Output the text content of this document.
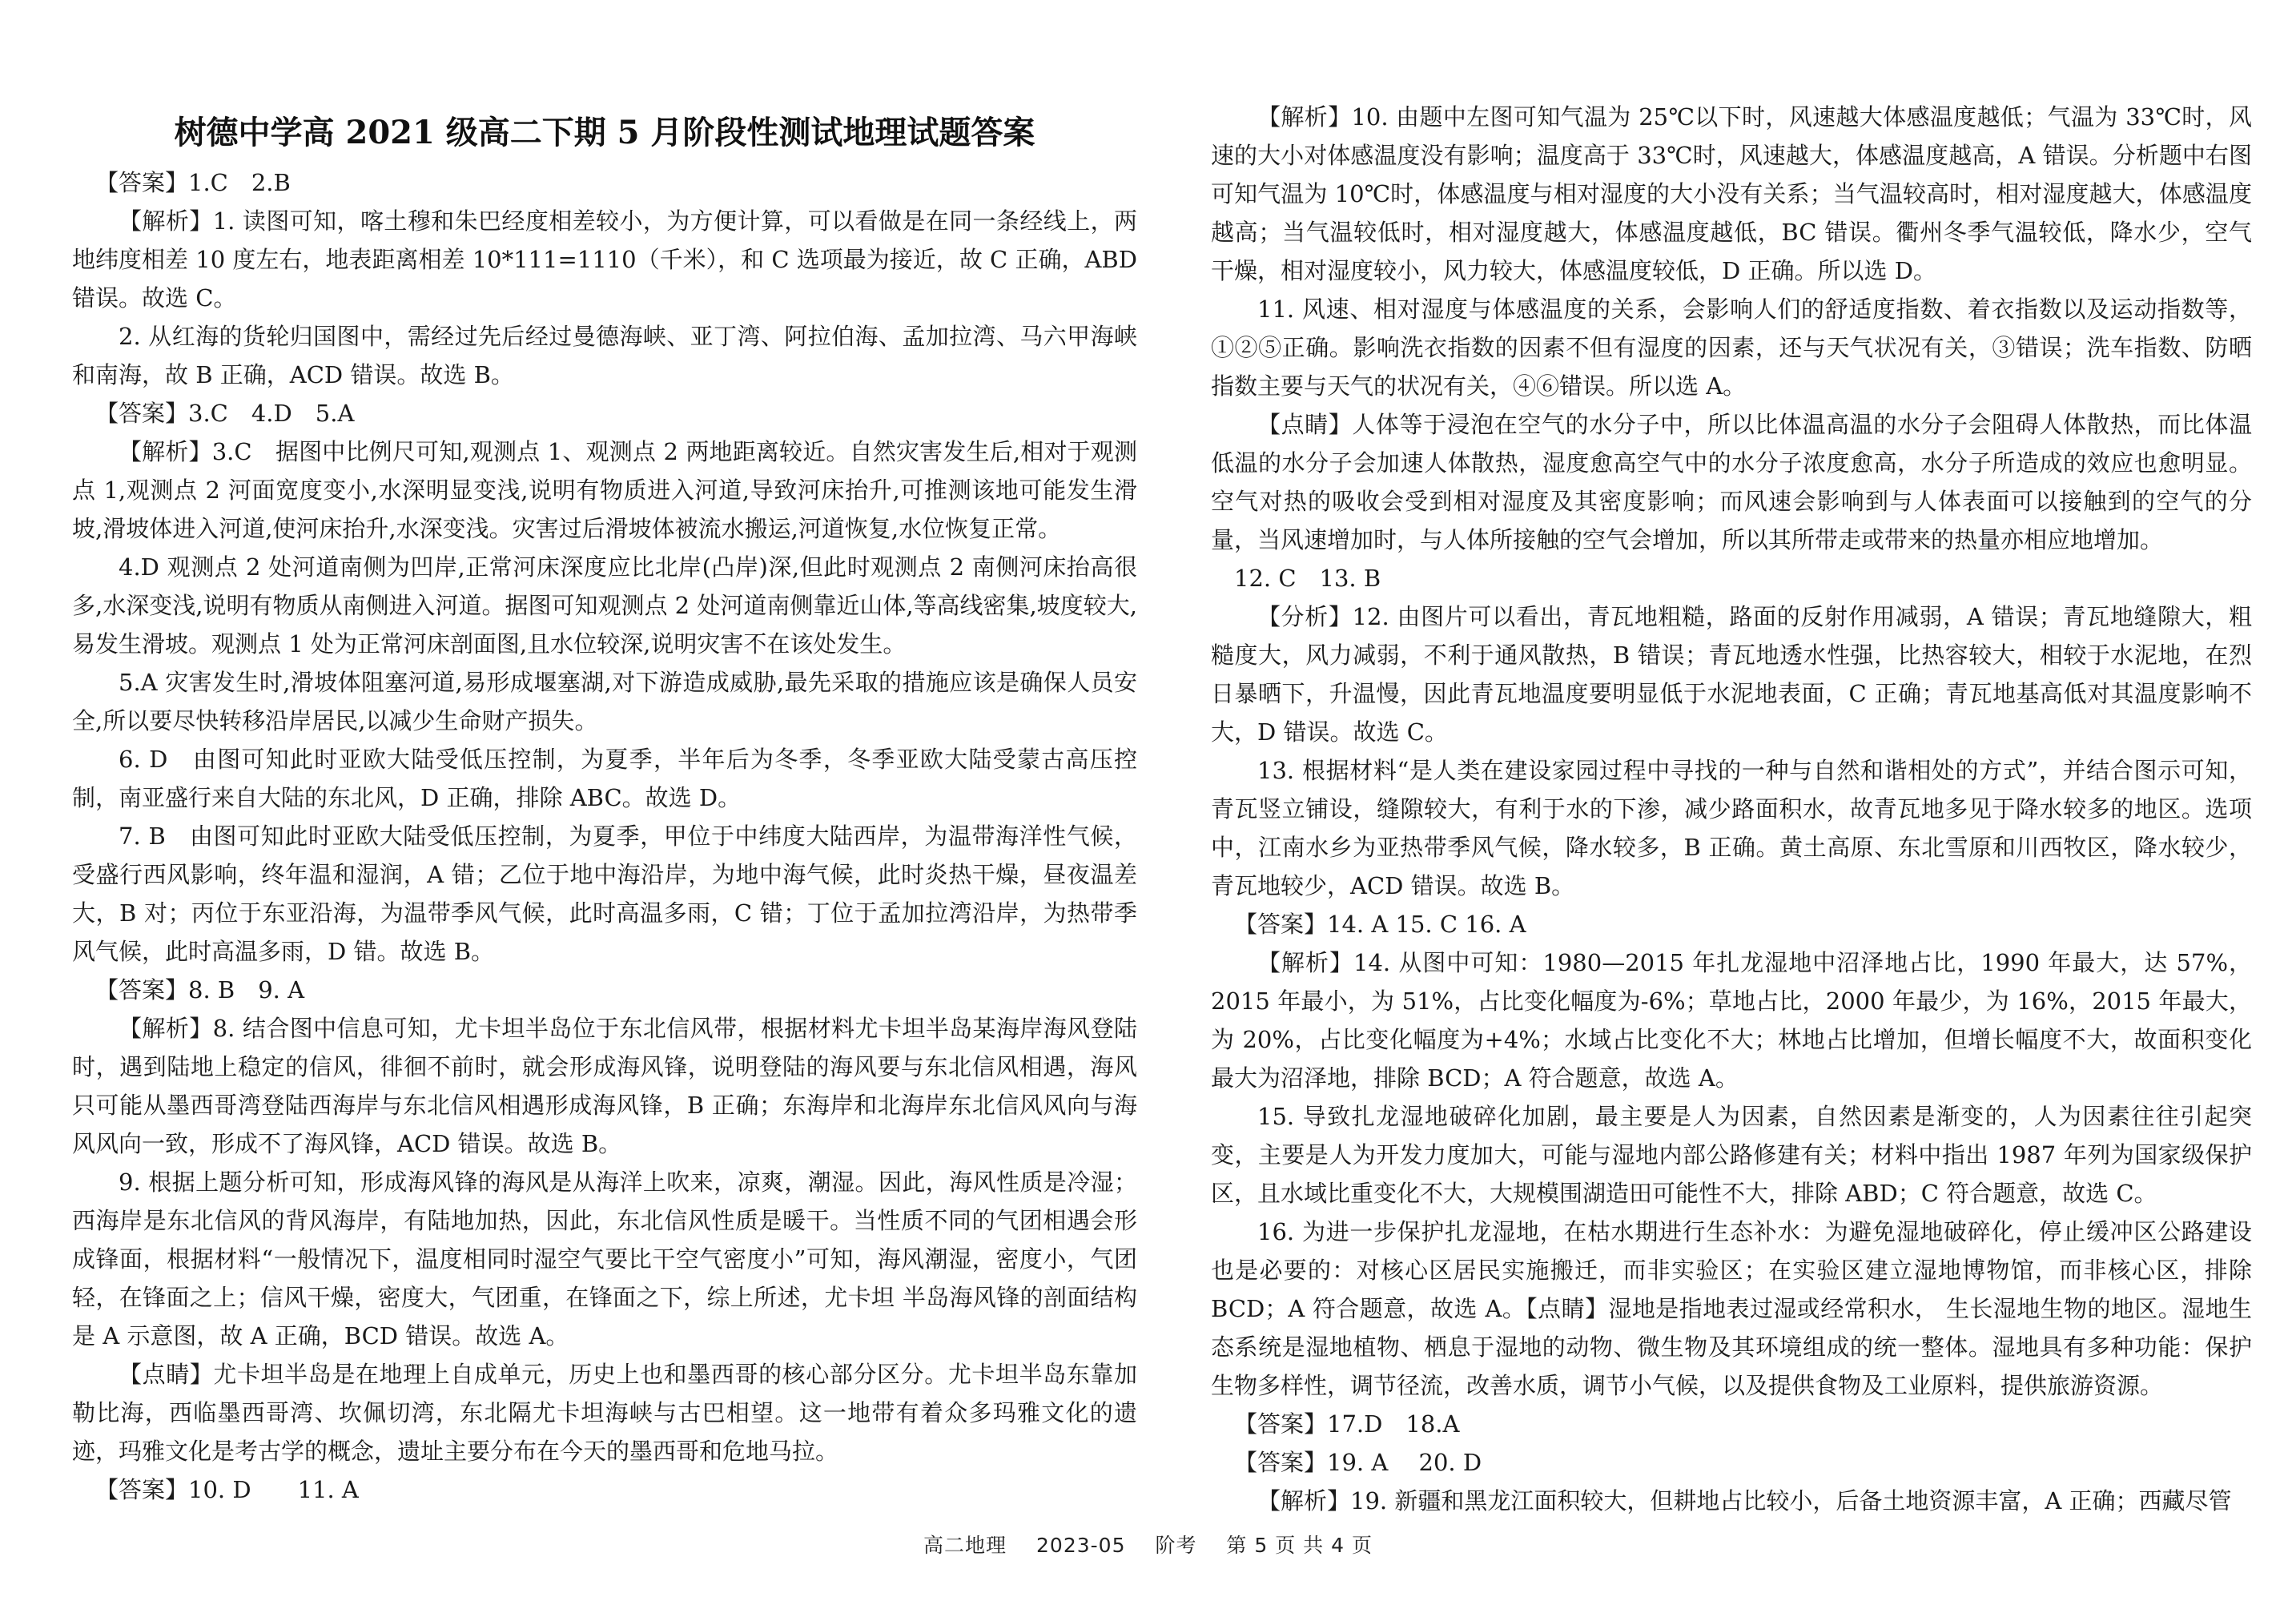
树德中学高 2021 级高二下期 5 月阶段性测试地理试题答案

【答案】1.C　2.B

【解析】1. 读图可知，喀土穆和朱巴经度相差较小，为方便计算，可以看做是在同一条经线上，两地纬度相差 10 度左右，地表距离相差 10*111=1110（千米），和 C 选项最为接近，故 C 正确，ABD 错误。故选 C。

2. 从红海的货轮归国图中，需经过先后经过曼德海峡、亚丁湾、阿拉伯海、孟加拉湾、马六甲海峡和南海，故 B 正确，ACD 错误。故选 B。

【答案】3.C　4.D　5.A

【解析】3.C　据图中比例尺可知,观测点 1、观测点 2 两地距离较近。自然灾害发生后,相对于观测点 1,观测点 2 河面宽度变小,水深明显变浅,说明有物质进入河道,导致河床抬升,可推测该地可能发生滑坡,滑坡体进入河道,使河床抬升,水深变浅。灾害过后滑坡体被流水搬运,河道恢复,水位恢复正常。

4.D 观测点 2 处河道南侧为凹岸,正常河床深度应比北岸(凸岸)深,但此时观测点 2 南侧河床抬高很多,水深变浅,说明有物质从南侧进入河道。据图可知观测点 2 处河道南侧靠近山体,等高线密集,坡度较大,易发生滑坡。观测点 1 处为正常河床剖面图,且水位较深,说明灾害不在该处发生。

5.A 灾害发生时,滑坡体阻塞河道,易形成堰塞湖,对下游造成威胁,最先采取的措施应该是确保人员安全,所以要尽快转移沿岸居民,以减少生命财产损失。

6. D　由图可知此时亚欧大陆受低压控制，为夏季，半年后为冬季，冬季亚欧大陆受蒙古高压控制，南亚盛行来自大陆的东北风，D 正确，排除 ABC。故选 D。

7. B　由图可知此时亚欧大陆受低压控制，为夏季，甲位于中纬度大陆西岸，为温带海洋性气候，受盛行西风影响，终年温和湿润，A 错；乙位于地中海沿岸，为地中海气候，此时炎热干燥，昼夜温差大，B 对；丙位于东亚沿海，为温带季风气候，此时高温多雨，C 错；丁位于孟加拉湾沿岸，为热带季风气候，此时高温多雨，D 错。故选 B。

【答案】8. B　9. A

【解析】8. 结合图中信息可知，尤卡坦半岛位于东北信风带，根据材料尤卡坦半岛某海岸海风登陆时，遇到陆地上稳定的信风，徘徊不前时，就会形成海风锋，说明登陆的海风要与东北信风相遇，海风只可能从墨西哥湾登陆西海岸与东北信风相遇形成海风锋，B 正确；东海岸和北海岸东北信风风向与海风风向一致，形成不了海风锋，ACD 错误。故选 B。

9. 根据上题分析可知，形成海风锋的海风是从海洋上吹来，凉爽，潮湿。因此，海风性质是冷湿；西海岸是东北信风的背风海岸，有陆地加热，因此，东北信风性质是暖干。当性质不同的气团相遇会形成锋面，根据材料“一般情况下，温度相同时湿空气要比干空气密度小”可知，海风潮湿，密度小，气团轻，在锋面之上；信风干燥，密度大，气团重，在锋面之下，综上所述，尤卡坦 半岛海风锋的剖面结构是 A 示意图，故 A 正确，BCD 错误。故选 A。

【点睛】尤卡坦半岛是在地理上自成单元，历史上也和墨西哥的核心部分区分。尤卡坦半岛东靠加勒比海，西临墨西哥湾、坎佩切湾，东北隔尤卡坦海峡与古巴相望。这一地带有着众多玛雅文化的遗迹，玛雅文化是考古学的概念，遗址主要分布在今天的墨西哥和危地马拉。

【答案】10. D　　11. A

【解析】10. 由题中左图可知气温为 25℃以下时，风速越大体感温度越低；气温为 33℃时，风速的大小对体感温度没有影响；温度高于 33℃时，风速越大，体感温度越高，A 错误。分析题中右图可知气温为 10℃时，体感温度与相对湿度的大小没有关系；当气温较高时，相对湿度越大，体感温度越高；当气温较低时，相对湿度越大，体感温度越低，BC 错误。衢州冬季气温较低，降水少，空气干燥，相对湿度较小，风力较大，体感温度较低，D 正确。所以选 D。

11. 风速、相对湿度与体感温度的关系，会影响人们的舒适度指数、着衣指数以及运动指数等，①②⑤正确。影响洗衣指数的因素不但有湿度的因素，还与天气状况有关，③错误；洗车指数、防晒指数主要与天气的状况有关，④⑥错误。所以选 A。

【点睛】人体等于浸泡在空气的水分子中，所以比体温高温的水分子会阻碍人体散热，而比体温低温的水分子会加速人体散热，湿度愈高空气中的水分子浓度愈高，水分子所造成的效应也愈明显。空气对热的吸收会受到相对湿度及其密度影响；而风速会影响到与人体表面可以接触到的空气的分量，当风速增加时，与人体所接触的空气会增加，所以其所带走或带来的热量亦相应地增加。

12. C　13. B

【分析】12. 由图片可以看出，青瓦地粗糙，路面的反射作用减弱，A 错误；青瓦地缝隙大，粗糙度大，风力减弱，不利于通风散热，B 错误；青瓦地透水性强，比热容较大，相较于水泥地，在烈日暴晒下，升温慢，因此青瓦地温度要明显低于水泥地表面，C 正确；青瓦地基高低对其温度影响不大，D 错误。故选 C。

13. 根据材料“是人类在建设家园过程中寻找的一种与自然和谐相处的方式”，并结合图示可知，青瓦竖立铺设，缝隙较大，有利于水的下渗，减少路面积水，故青瓦地多见于降水较多的地区。选项中，江南水乡为亚热带季风气候，降水较多，B 正确。黄土高原、东北雪原和川西牧区，降水较少，青瓦地较少，ACD 错误。故选 B。

【答案】14. A 15. C 16. A

【解析】14. 从图中可知：1980—2015 年扎龙湿地中沼泽地占比，1990 年最大，达 57%，2015 年最小，为 51%，占比变化幅度为-6%；草地占比，2000 年最少，为 16%，2015 年最大，为 20%，占比变化幅度为+4%；水域占比变化不大；林地占比增加，但增长幅度不大，故面积变化最大为沼泽地，排除 BCD；A 符合题意，故选 A。

15. 导致扎龙湿地破碎化加剧，最主要是人为因素，自然因素是渐变的，人为因素往往引起突变，主要是人为开发力度加大，可能与湿地内部公路修建有关；材料中指出 1987 年列为国家级保护区，且水域比重变化不大，大规模围湖造田可能性不大，排除 ABD；C 符合题意，故选 C。

16. 为进一步保护扎龙湿地，在枯水期进行生态补水：为避免湿地破碎化，停止缓冲区公路建设也是必要的：对核心区居民实施搬迁，而非实验区；在实验区建立湿地博物馆，而非核心区，排除 BCD；A 符合题意，故选 A。【点睛】湿地是指地表过湿或经常积水， 生长湿地生物的地区。湿地生态系统是湿地植物、栖息于湿地的动物、微生物及其环境组成的统一整体。湿地具有多种功能：保护生物多样性，调节径流，改善水质，调节小气候，以及提供食物及工业原料，提供旅游资源。

【答案】17.D　18.A

【答案】19. A　 20. D

【解析】19. 新疆和黑龙江面积较大，但耕地占比较小，后备土地资源丰富，A 正确；西藏尽管

高二地理 2023-05 阶考 第 5 页 共 4 页
